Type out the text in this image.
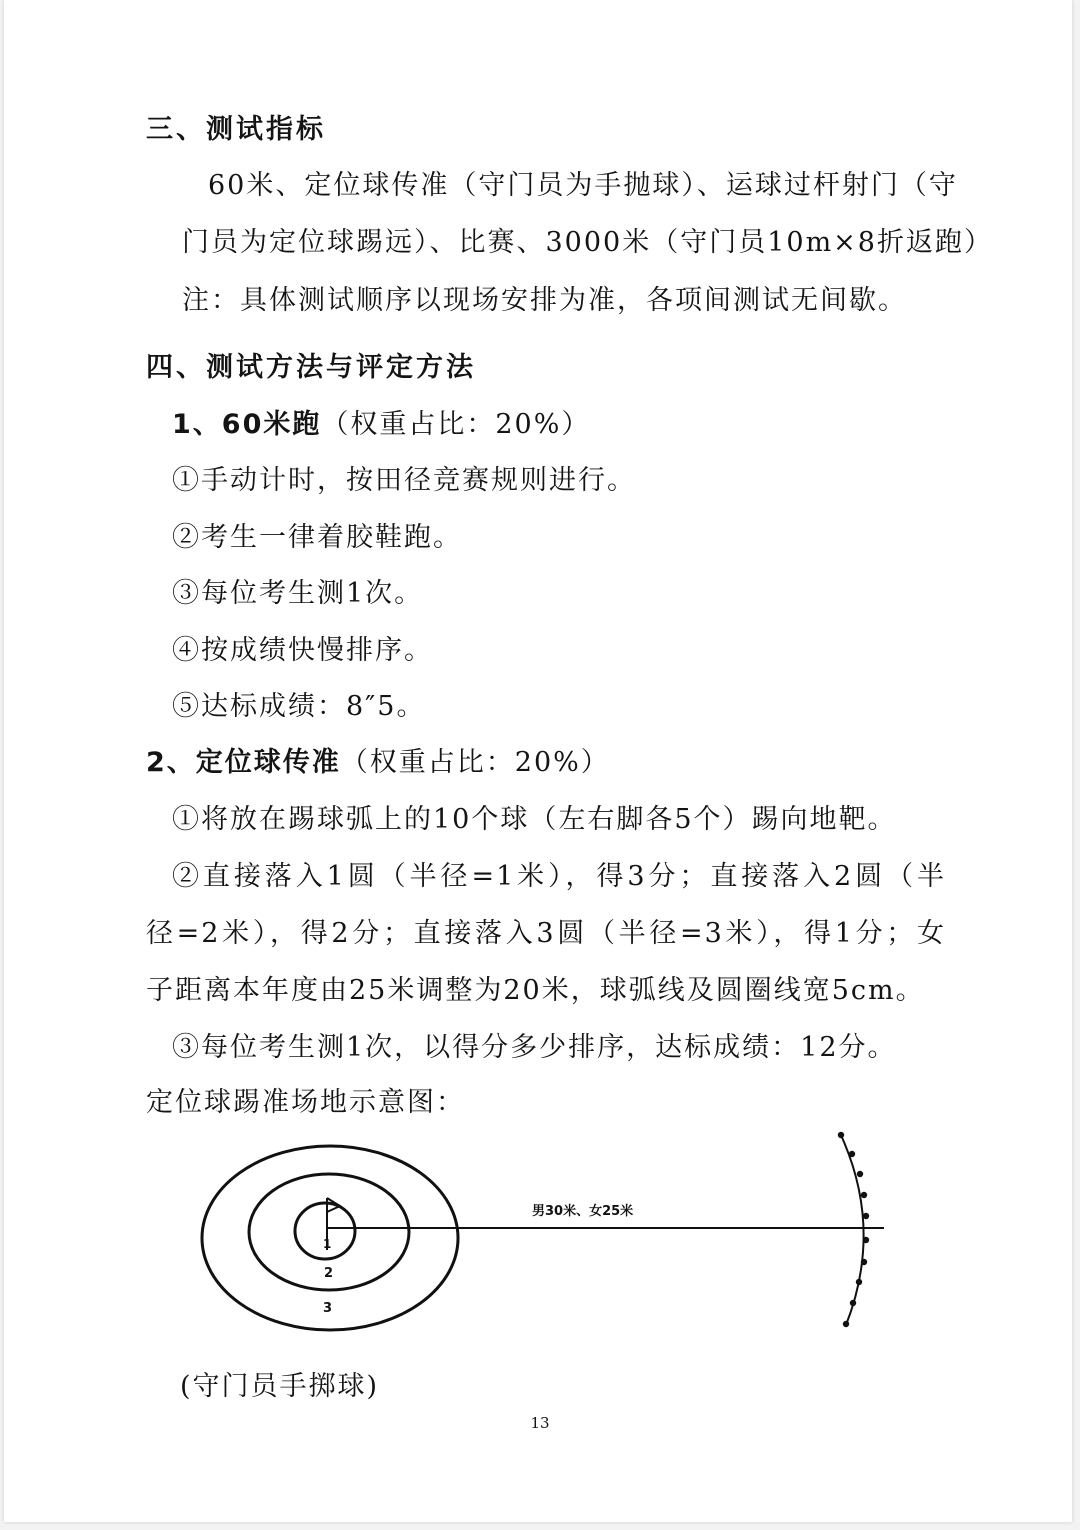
三、测试指标
60米、定位球传准（守门员为手抛球）、运球过杆射门（守
门员为定位球踢远）、比赛、3000米（守门员10m×8折返跑）
注：具体测试顺序以现场安排为准，各项间测试无间歇。
四、测试方法与评定方法
1、60米跑（权重占比：20%）
①手动计时，按田径竞赛规则进行。
②考生一律着胶鞋跑。
③每位考生测1次。
④按成绩快慢排序。
⑤达标成绩：8″5。
2、定位球传准（权重占比：20%）
①将放在踢球弧上的10个球（左右脚各5个）踢向地靶。
②直接落入1圆（半径=1米），得3分；直接落入2圆（半
径=2米），得2分；直接落入3圆（半径=3米），得1分；女
子距离本年度由25米调整为20米，球弧线及圆圈线宽5cm。
③每位考生测1次，以得分多少排序，达标成绩：12分。
定位球踢准场地示意图：
1
2
3
男30米、女25米
(守门员手掷球)
13
